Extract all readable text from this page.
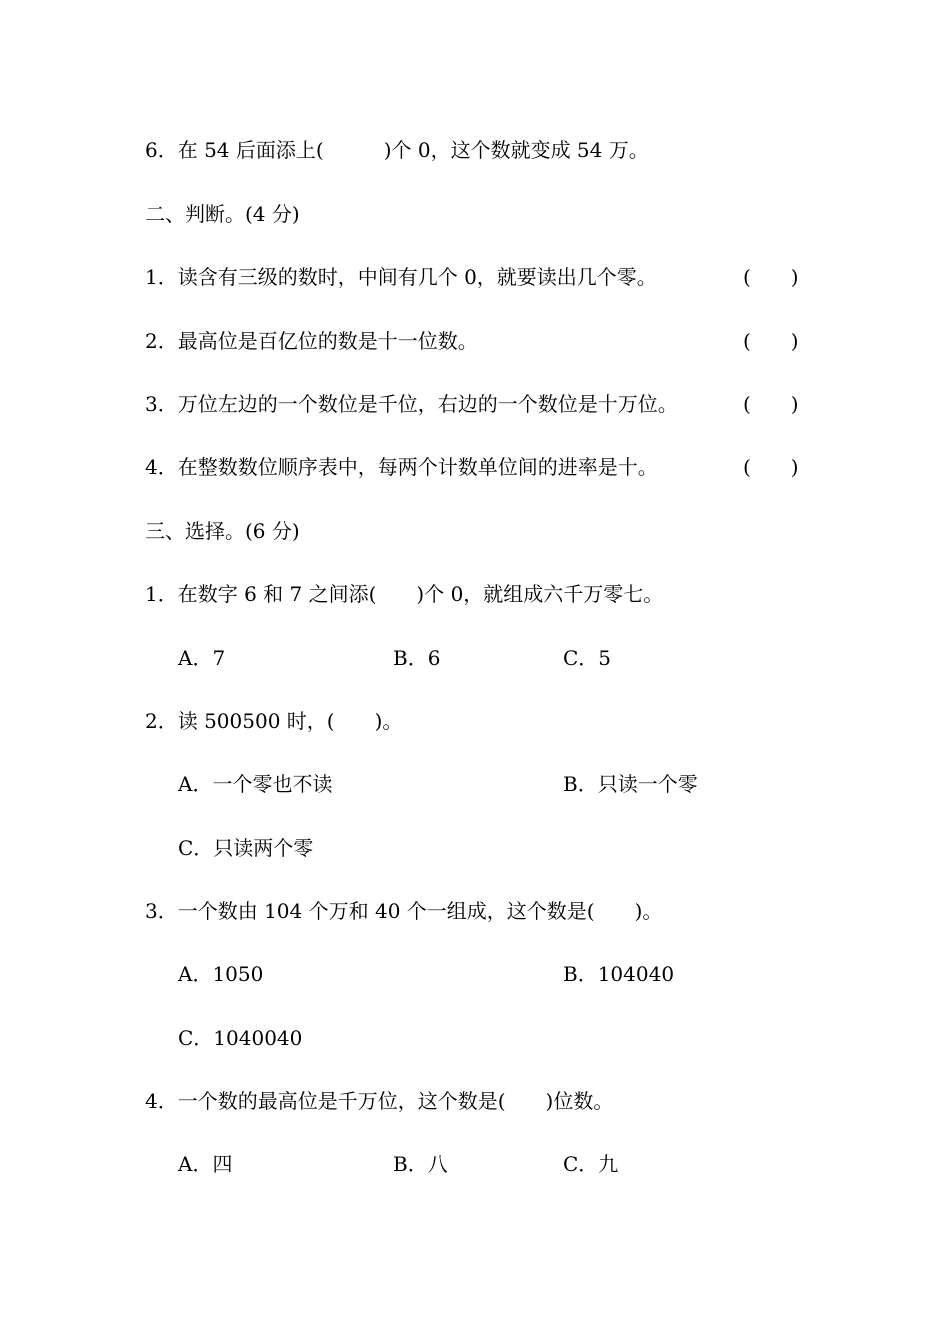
6．在 54 后面添上(　　　)个 0，这个数就变成 54 万。
二、判断。(4 分)
1．读含有三级的数时，中间有几个 0，就要读出几个零。	(　　)
2．最高位是百亿位的数是十一位数。	(　　)
3．万位左边的一个数位是千位，右边的一个数位是十万位。	(　　)
4．在整数数位顺序表中，每两个计数单位间的进率是十。	(　　)
三、选择。(6 分)
1．在数字 6 和 7 之间添(　　)个 0，就组成六千万零七。
A．7	B．6	C．5
2．读 500500 时，(　　)。
A．一个零也不读	B．只读一个零
C．只读两个零
3．一个数由 104 个万和 40 个一组成，这个数是(　　)。
A．1050	B．104040
C．1040040
4．一个数的最高位是千万位，这个数是(　　)位数。
A．四	B．八	C．九
